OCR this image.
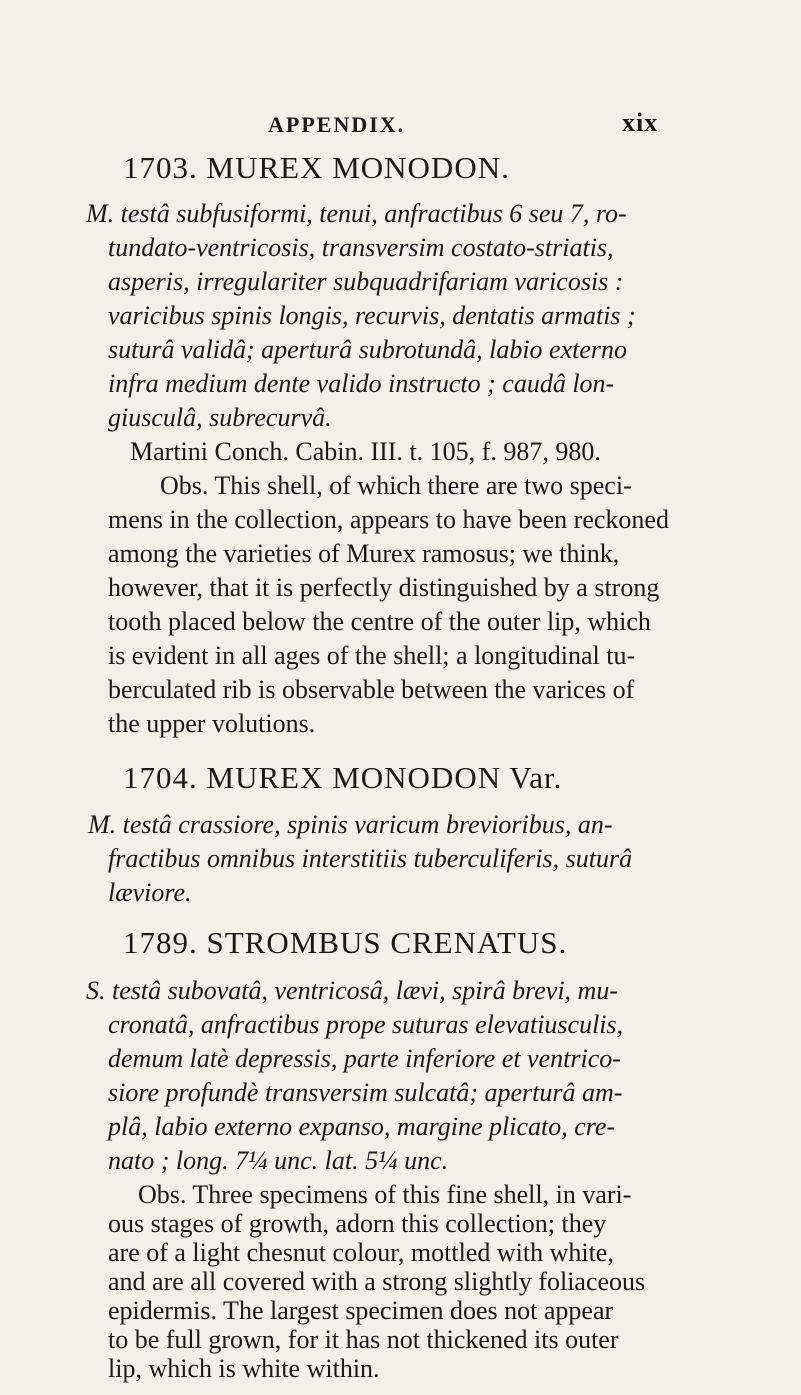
APPENDIX.	xix
1703. MUREX MONODON.

M. testâ subfusiformi, tenui, anfractibus 6 seu 7, ro-

tundato-ventricosis, transversim costato-striatis,

asperis, irregulariter subquadrifariam varicosis :

varicibus spinis longis, recurvis, dentatis armatis ;

suturâ validâ; aperturâ subrotundâ, labio externo

infra medium dente valido instructo ; caudâ lon-

giusculâ, subrecurvâ.

Martini Conch. Cabin. III. t. 105, f. 987, 980.

Obs. This shell, of which there are two speci-

mens in the collection, appears to have been reckoned

among the varieties of Murex ramosus; we think,

however, that it is perfectly distinguished by a strong

tooth placed below the centre of the outer lip, which

is evident in all ages of the shell; a longitudinal tu-

berculated rib is observable between the varices of

the upper volutions.

1704. MUREX MONODON Var.

M. testâ crassiore, spinis varicum brevioribus, an-

fractibus omnibus interstitiis tuberculiferis, suturâ

læviore.

1789. STROMBUS CRENATUS.

S. testâ subovatâ, ventricosâ, lævi, spirâ brevi, mu-

cronatâ, anfractibus prope suturas elevatiusculis,

demum latè depressis, parte inferiore et ventrico-

siore profundè transversim sulcatâ; aperturâ am-

plâ, labio externo expanso, margine plicato, cre-

nato ; long. 7¼ unc. lat. 5¼ unc.

Obs. Three specimens of this fine shell, in vari-

ous stages of growth, adorn this collection; they

are of a light chesnut colour, mottled with white,

and are all covered with a strong slightly foliaceous

epidermis. The largest specimen does not appear

to be full grown, for it has not thickened its outer

lip, which is white within.
